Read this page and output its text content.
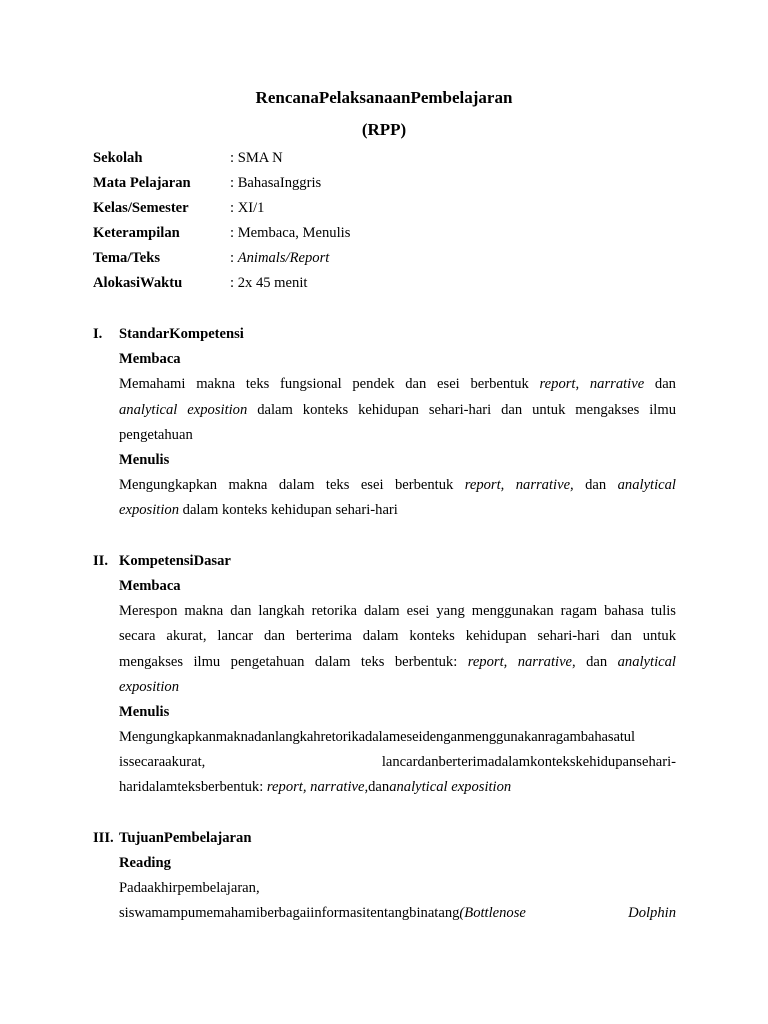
RencanaPelaksanaanPembelajaran
(RPP)
Sekolah	: SMA N
Mata Pelajaran	: BahasaInggris
Kelas/Semester	: XI/1
Keterampilan	: Membaca, Menulis
Tema/Teks	: Animals/Report
AlokasiWaktu	: 2x 45 menit
I. StandarKompetensi
Membaca
Memahami makna teks fungsional pendek dan esei berbentuk report, narrative dan
analytical exposition dalam konteks kehidupan sehari-hari dan untuk mengakses ilmu
pengetahuan
Menulis
Mengungkapkan makna dalam teks esei berbentuk report, narrative, dan analytical
exposition dalam konteks kehidupan sehari-hari
II. KompetensiDasar
Membaca
Merespon makna dan langkah retorika dalam esei yang menggunakan ragam bahasa tulis
secara akurat, lancar dan berterima dalam konteks kehidupan sehari-hari dan untuk
mengakses ilmu pengetahuan dalam teks berbentuk: report, narrative, dan analytical
exposition
Menulis
Mengungkapkanmaknadanlangkahretorikadalameseidenganmenggunakanragambahasatul
issecaraakurat,	lancardanberterimadalamkontekskehidupansehari-
haridalamteksberbentuk: report, narrative,dananalytical exposition
III. TujuanPembelajaran
Reading
Padaakhirpembelajaran,
siswamampumemahamiberbagaiinformasitentangbinatang(Bottlenose	Dolphin
